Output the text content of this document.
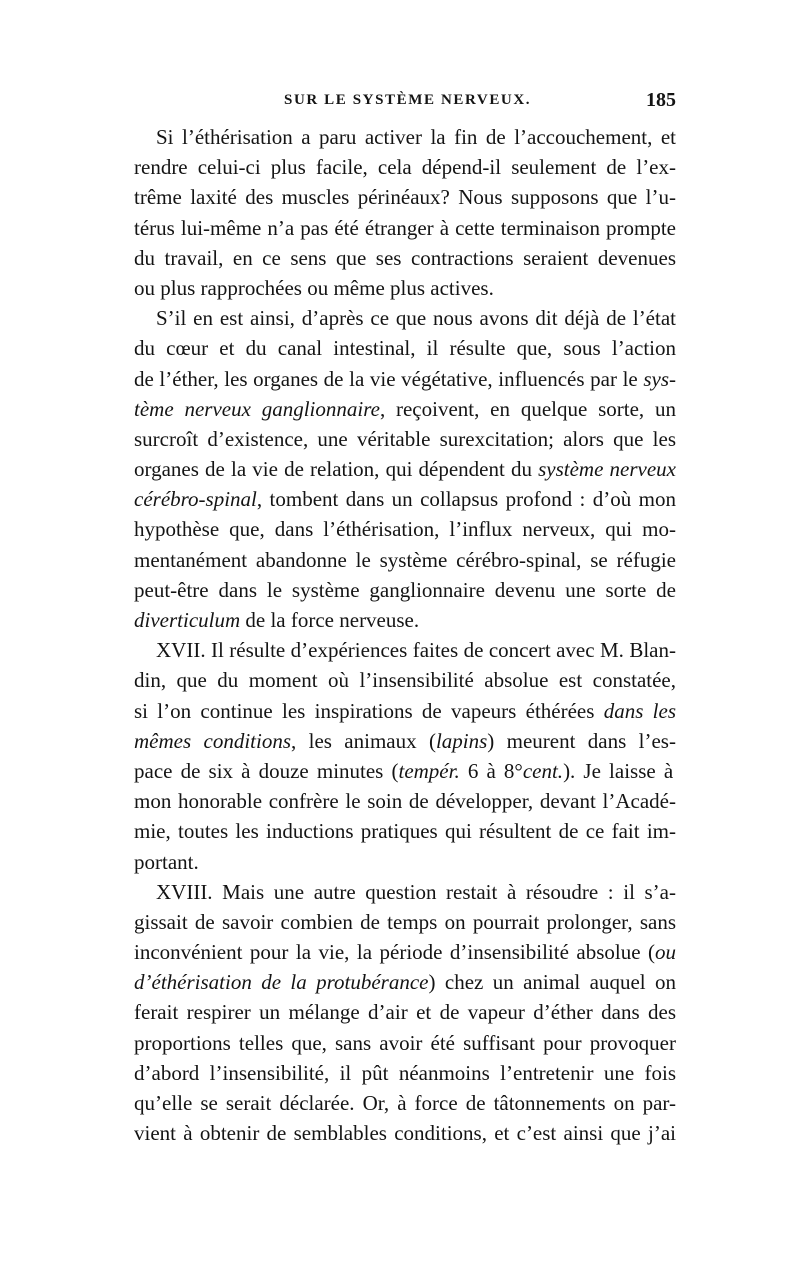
SUR LE SYSTÈME NERVEUX.	185
Si l’éthérisation a paru activer la fin de l’accouchement, et
rendre celui-ci plus facile, cela dépend-il seulement de l’ex-
trême laxité des muscles périnéaux? Nous supposons que l’u-
térus lui-même n’a pas été étranger à cette terminaison prompte
du travail, en ce sens que ses contractions seraient devenues
ou plus rapprochées ou même plus actives.
S’il en est ainsi, d’après ce que nous avons dit déjà de l’état
du cœur et du canal intestinal, il résulte que, sous l’action
de l’éther, les organes de la vie végétative, influencés par le sys-
tème nerveux ganglionnaire, reçoivent, en quelque sorte, un
surcroît d’existence, une véritable surexcitation; alors que les
organes de la vie de relation, qui dépendent du système nerveux
cérébro-spinal, tombent dans un collapsus profond : d’où mon
hypothèse que, dans l’éthérisation, l’influx nerveux, qui mo-
mentanément abandonne le système cérébro-spinal, se réfugie
peut-être dans le système ganglionnaire devenu une sorte de
diverticulum de la force nerveuse.
XVII. Il résulte d’expériences faites de concert avec M. Blan-
din, que du moment où l’insensibilité absolue est constatée,
si l’on continue les inspirations de vapeurs éthérées dans les
mêmes conditions, les animaux (lapins) meurent dans l’es-
pace de six à douze minutes (tempér. 6 à 8°cent.). Je laisse à
mon honorable confrère le soin de développer, devant l’Acadé-
mie, toutes les inductions pratiques qui résultent de ce fait im-
portant.
XVIII. Mais une autre question restait à résoudre : il s’a-
gissait de savoir combien de temps on pourrait prolonger, sans
inconvénient pour la vie, la période d’insensibilité absolue (ou
d’éthérisation de la protubérance) chez un animal auquel on
ferait respirer un mélange d’air et de vapeur d’éther dans des
proportions telles que, sans avoir été suffisant pour provoquer
d’abord l’insensibilité, il pût néanmoins l’entretenir une fois
qu’elle se serait déclarée. Or, à force de tâtonnements on par-
vient à obtenir de semblables conditions, et c’est ainsi que j’ai
